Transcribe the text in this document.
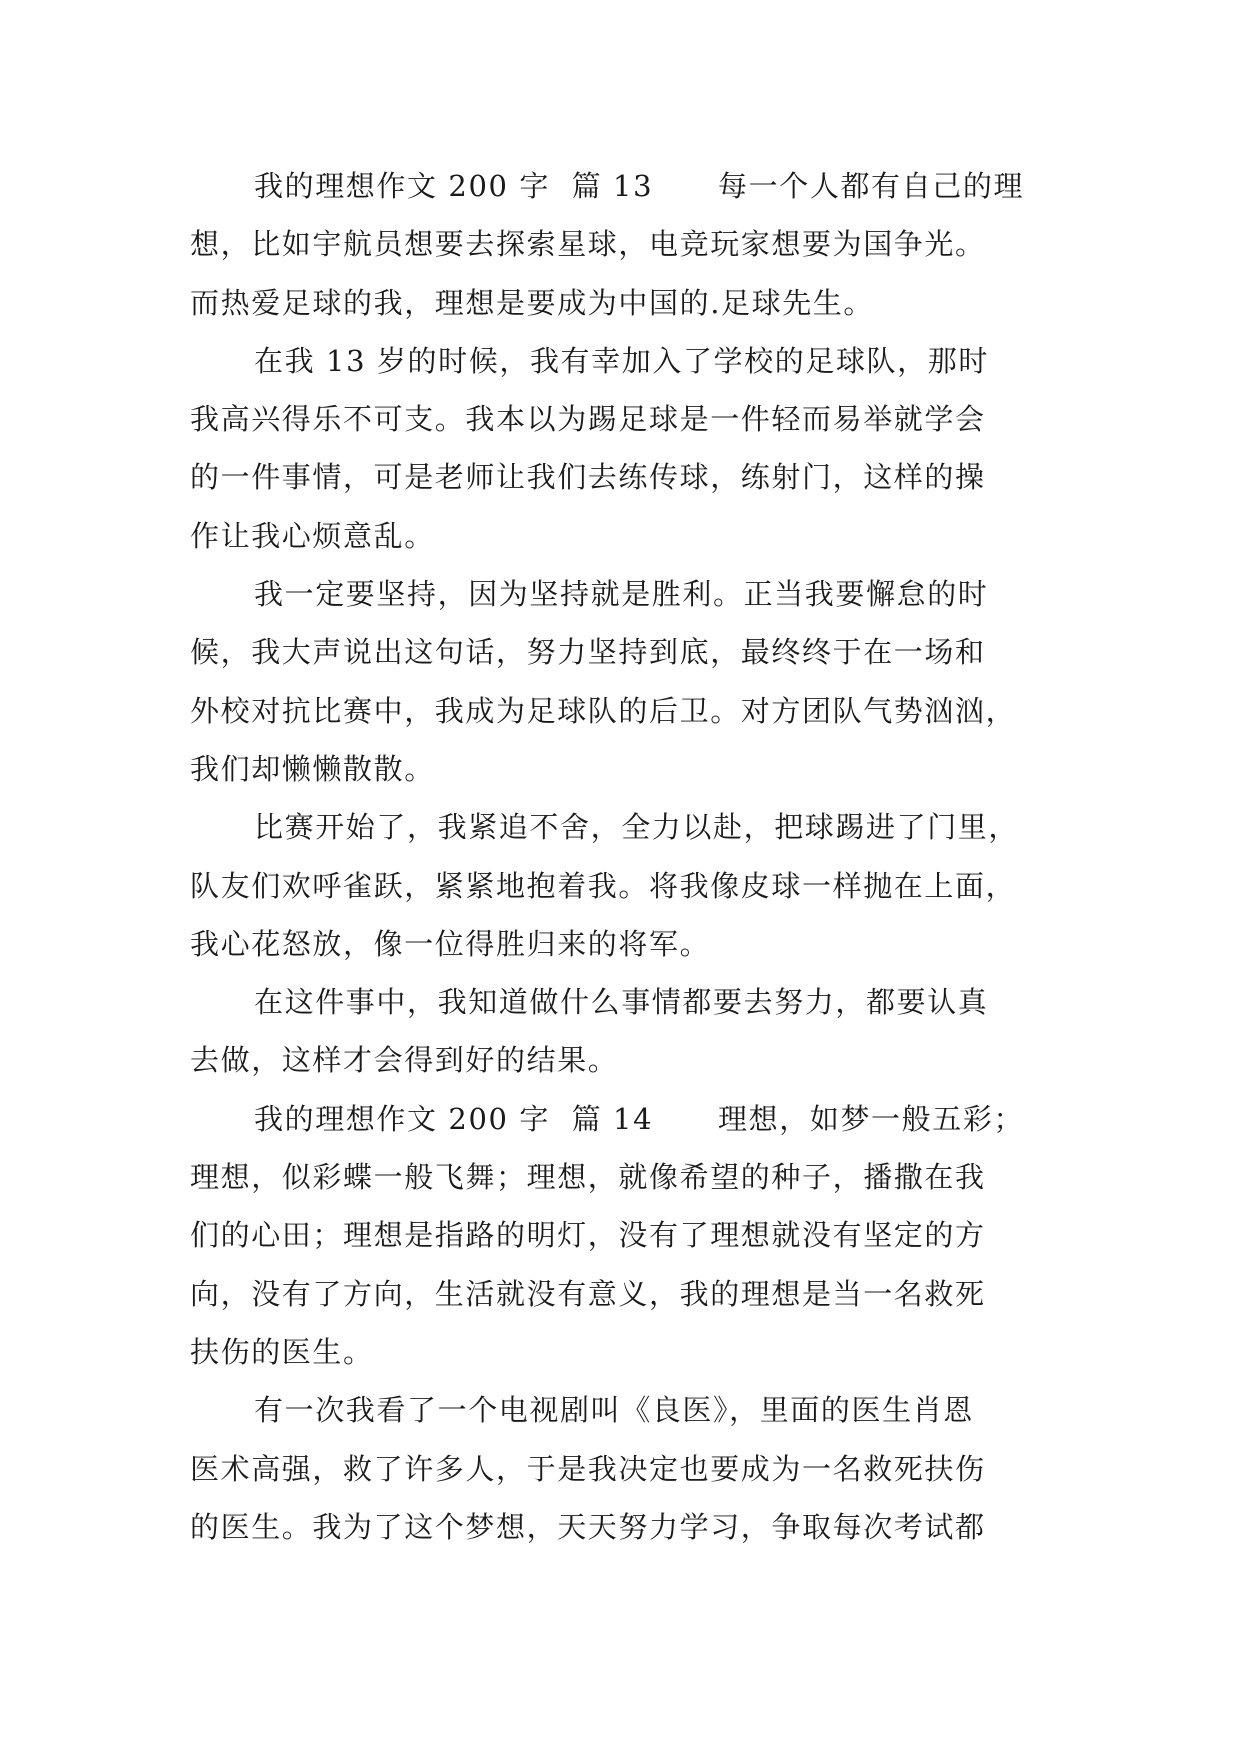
我的理想作文 200 字  篇 13      每一个人都有自己的理
想，比如宇航员想要去探索星球，电竞玩家想要为国争光。
而热爱足球的我，理想是要成为中国的.足球先生。
在我 13 岁的时候，我有幸加入了学校的足球队，那时
我高兴得乐不可支。我本以为踢足球是一件轻而易举就学会
的一件事情，可是老师让我们去练传球，练射门，这样的操
作让我心烦意乱。
我一定要坚持，因为坚持就是胜利。正当我要懈怠的时
候，我大声说出这句话，努力坚持到底，最终终于在一场和
外校对抗比赛中，我成为足球队的后卫。对方团队气势汹汹，
我们却懒懒散散。
比赛开始了，我紧追不舍，全力以赴，把球踢进了门里，
队友们欢呼雀跃，紧紧地抱着我。将我像皮球一样抛在上面，
我心花怒放，像一位得胜归来的将军。
在这件事中，我知道做什么事情都要去努力，都要认真
去做，这样才会得到好的结果。
我的理想作文 200 字  篇 14      理想，如梦一般五彩；
理想，似彩蝶一般飞舞；理想，就像希望的种子，播撒在我
们的心田；理想是指路的明灯，没有了理想就没有坚定的方
向，没有了方向，生活就没有意义，我的理想是当一名救死
扶伤的医生。
有一次我看了一个电视剧叫《良医》，里面的医生肖恩
医术高强，救了许多人，于是我决定也要成为一名救死扶伤
的医生。我为了这个梦想，天天努力学习，争取每次考试都
